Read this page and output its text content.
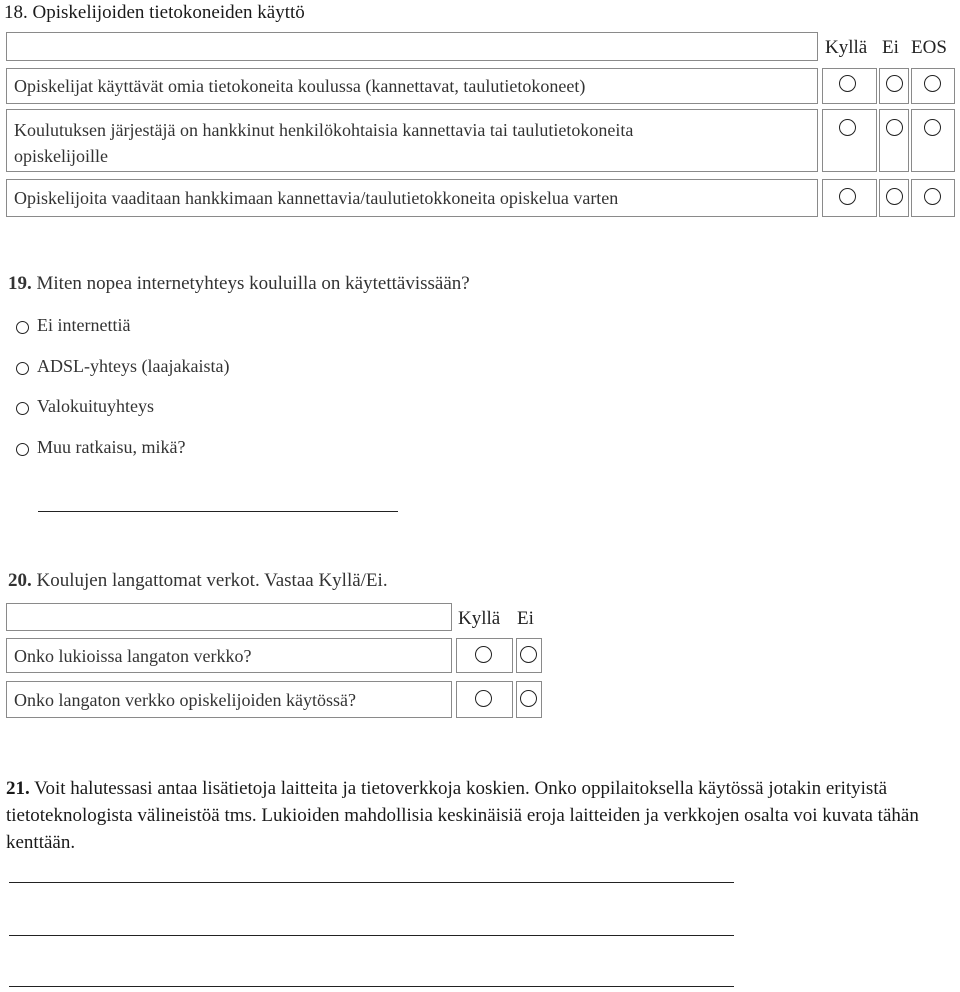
18. Opiskelijoiden tietokoneiden käyttö
Kyllä Ei EOS
Opiskelijat käyttävät omia tietokoneita koulussa (kannettavat, taulutietokoneet)
Koulutuksen järjestäjä on hankkinut henkilökohtaisia kannettavia tai taulutietokoneita
opiskelijoille
Opiskelijoita vaaditaan hankkimaan kannettavia/taulutietokkoneita opiskelua varten
19. Miten nopea internetyhteys kouluilla on käytettävissään?
Ei internettiä
ADSL-yhteys (laajakaista)
Valokuituyhteys
Muu ratkaisu, mikä?
20. Koulujen langattomat verkot. Vastaa Kyllä/Ei.
Kyllä Ei
Onko lukioissa langaton verkko?
Onko langaton verkko opiskelijoiden käytössä?
21. Voit halutessasi antaa lisätietoja laitteita ja tietoverkkoja koskien. Onko oppilaitoksella käytössä jotakin erityistä tietoteknologista välineistöä tms. Lukioiden mahdollisia keskinäisiä eroja laitteiden ja verkkojen osalta voi kuvata tähän kenttään.
